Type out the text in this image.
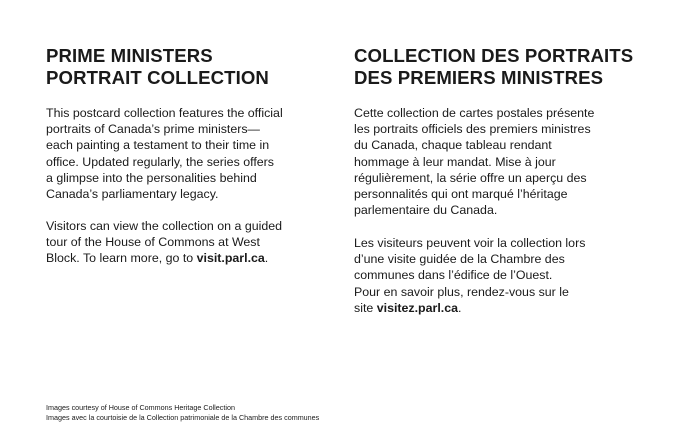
PRIME MINISTERS
PORTRAIT COLLECTION

This postcard collection features the official
portraits of Canada’s prime ministers—
each painting a testament to their time in
office. Updated regularly, the series offers
a glimpse into the personalities behind
Canada’s parliamentary legacy.

Visitors can view the collection on a guided
tour of the House of Commons at West
Block. To learn more, go to visit.parl.ca.

COLLECTION DES PORTRAITS
DES PREMIERS MINISTRES

Cette collection de cartes postales présente
les portraits officiels des premiers ministres
du Canada, chaque tableau rendant
hommage à leur mandat. Mise à jour
régulièrement, la série offre un aperçu des
personnalités qui ont marqué l’héritage
parlementaire du Canada.

Les visiteurs peuvent voir la collection lors
d’une visite guidée de la Chambre des
communes dans l’édifice de l’Ouest.
Pour en savoir plus, rendez-vous sur le
site visitez.parl.ca.

Images courtesy of House of Commons Heritage Collection
Images avec la courtoisie de la Collection patrimoniale de la Chambre des communes
